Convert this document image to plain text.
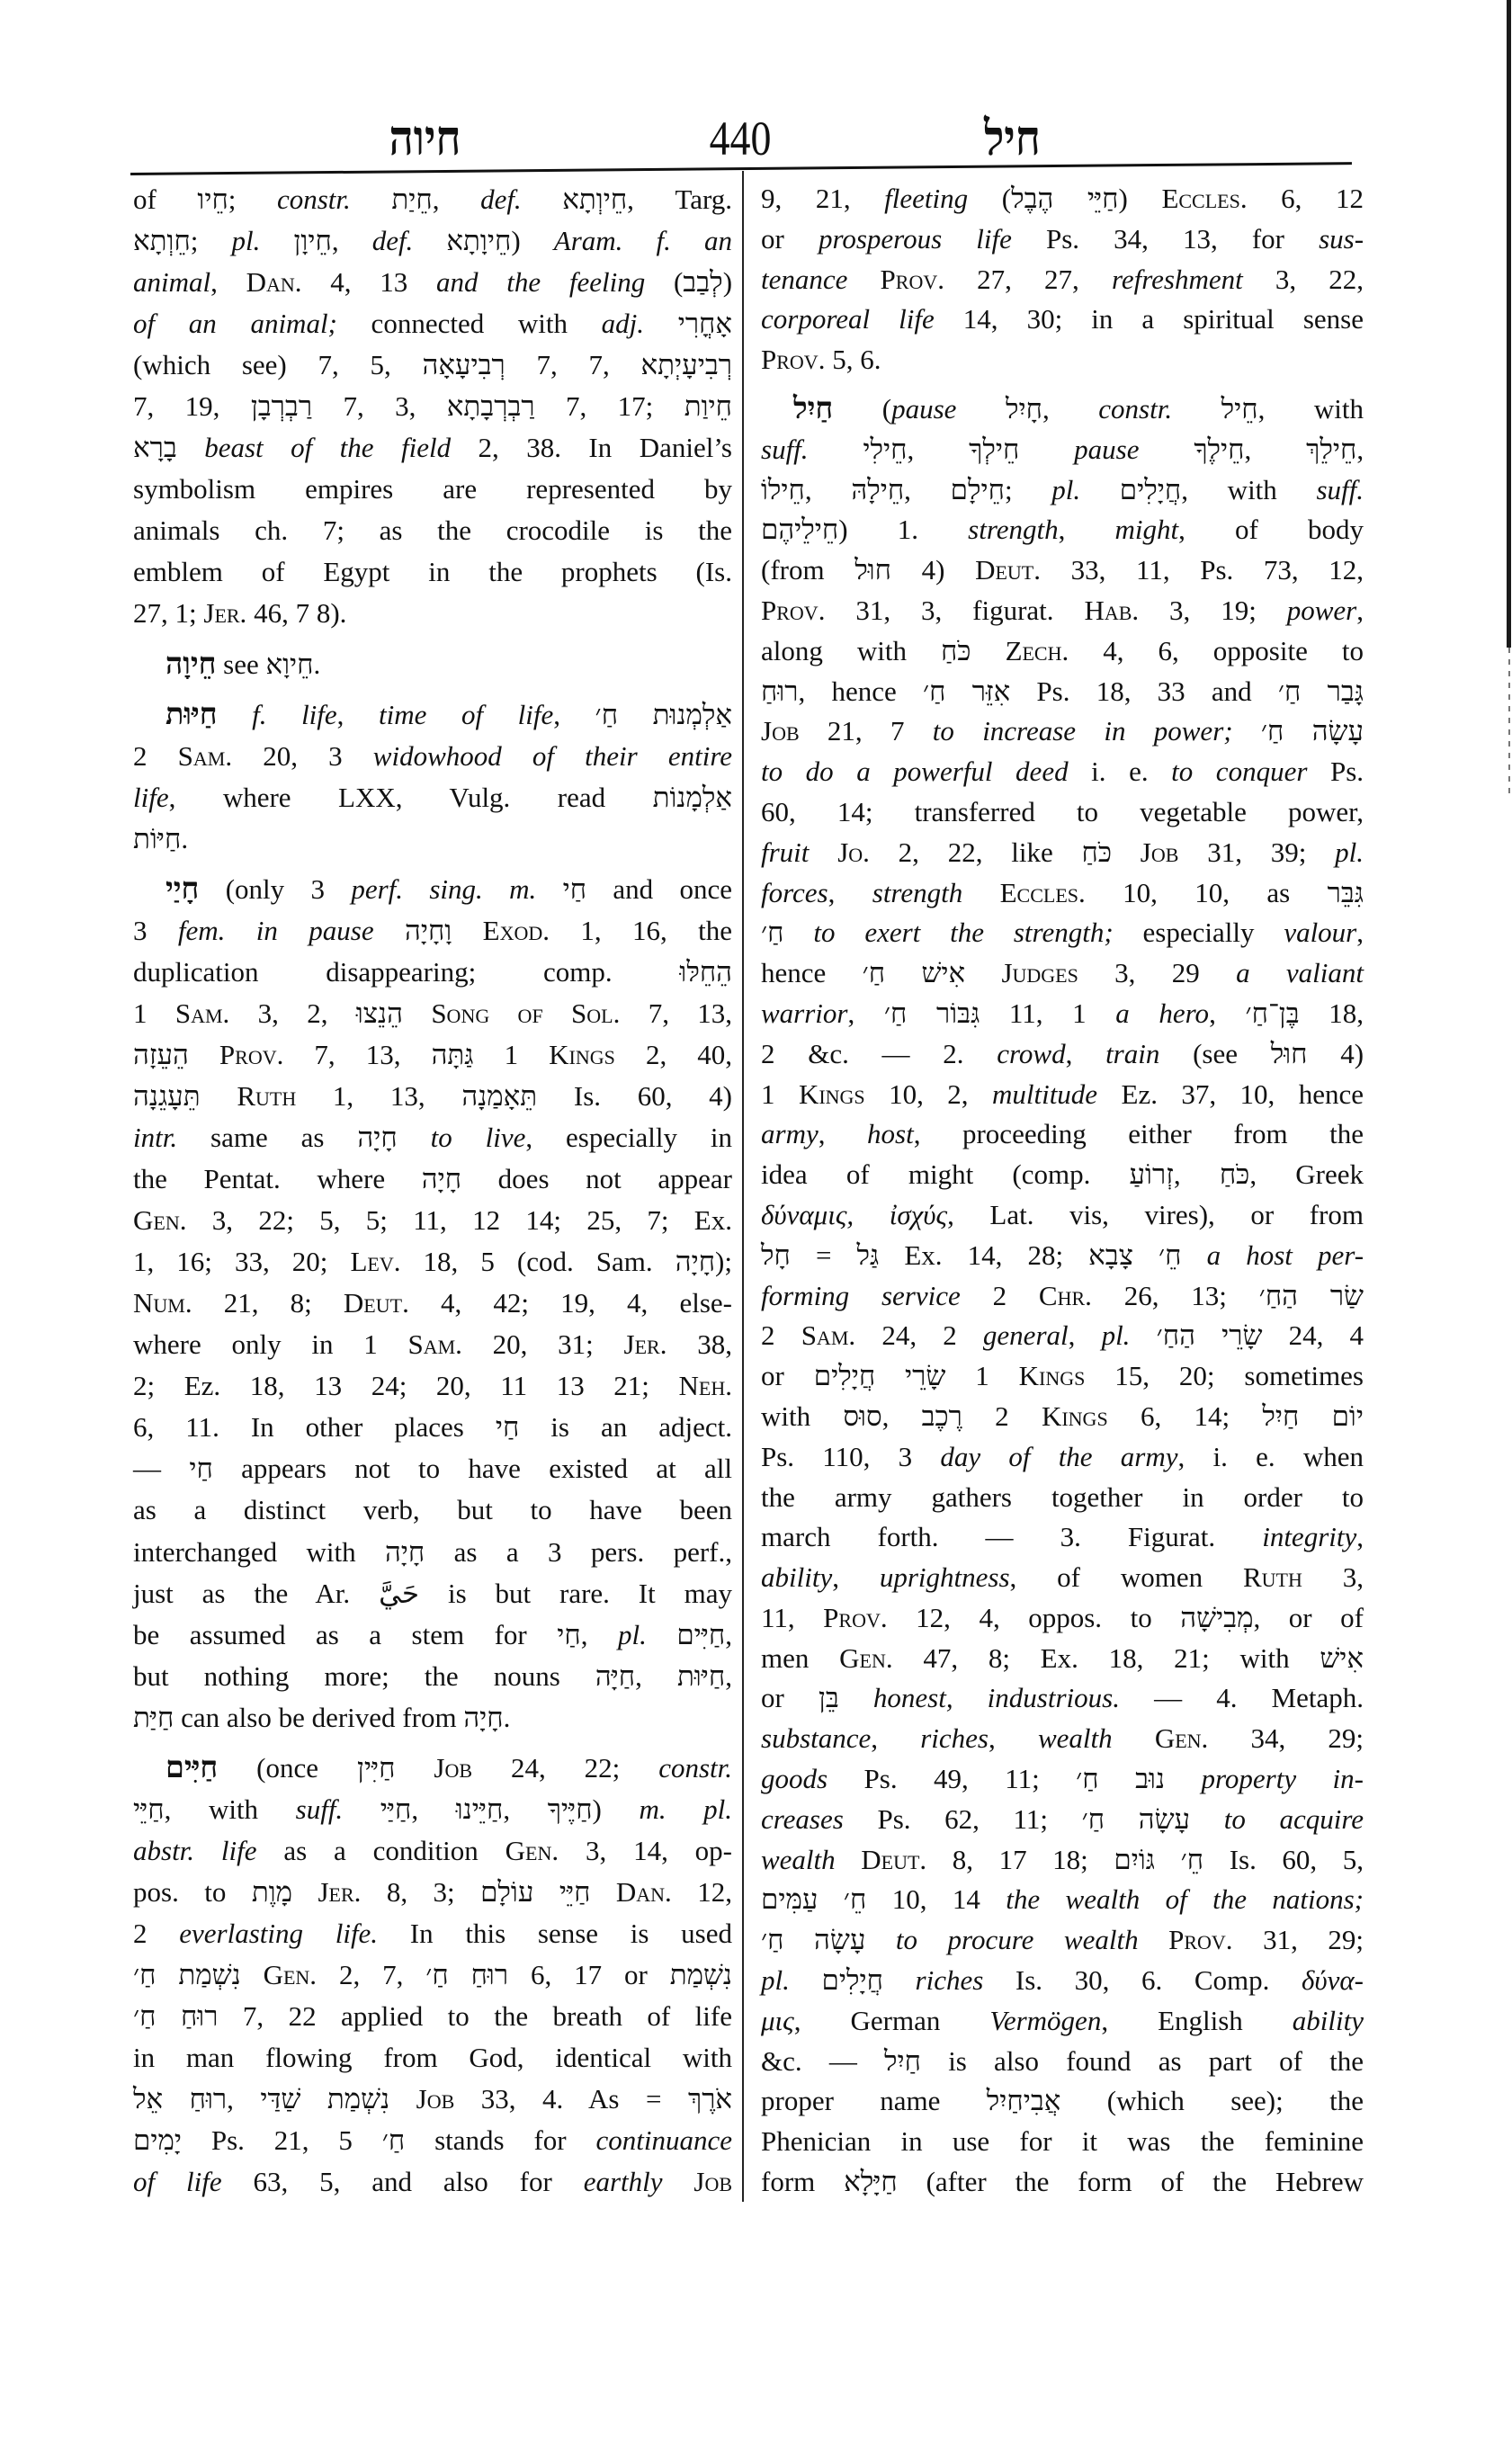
חיוה	440	חיל
of חֵיו; constr. חֵיַת, def. חֵיוְתָא, Targ.
חֵוְתָא; pl. חֵיוָן, def. חֵיוָתָא) Aram. f. an
animal, Dan. 4, 13 and the feeling (לְבַב)
of an animal; connected with adj. אָחֳרִי
(which see) 7, 5, רְבִיעָאָה 7, 7, רְבִיעָיְתָא
7, 19, רַבְרְבָן 7, 3, רַבְרְבָתָא 7, 17; חֵיוַת
בָרָא beast of the field 2, 38. In Daniel’s
symbolism empires are represented by
animals ch. 7; as the crocodile is the
emblem of Egypt in the prophets (Is.
27, 1; Jer. 46, 7 8).
חֵיוָה see חֵיוָא.
חַיּוּת f. life, time of life, אַלְמְנוּת חַ׳
2 Sam. 20, 3 widowhood of their entire
life, where LXX, Vulg. read אַלְמָנוֹת
חַיּוֹת.
חָיַי (only 3 perf. sing. m. חַי and once
3 fem. in pause וָחָיָה Exod. 1, 16, the
duplication disappearing; comp. הֵחֵלּוּ
1 Sam. 3, 2, הֵנֵצוּ Song of Sol. 7, 13,
הֵעֵזָה Prov. 7, 13, גַּתָּה 1 Kings 2, 40,
תֵּעָגֵנָה Ruth 1, 13, תֵּאָמַנָה Is. 60, 4)
intr. same as חָיָה to live, especially in
the Pentat. where חָיָה does not appear
Gen. 3, 22; 5, 5; 11, 12 14; 25, 7; Ex.
1, 16; 33, 20; Lev. 18, 5 (cod. Sam. חָיָה);
Num. 21, 8; Deut. 4, 42; 19, 4, else-
where only in 1 Sam. 20, 31; Jer. 38,
2; Ez. 18, 13 24; 20, 11 13 21; Neh.
6, 11. In other places חַי is an adject.
— חַי appears not to have existed at all
as a distinct verb, but to have been
interchanged with חָיָה as a 3 pers. perf.,
just as the Ar. حَيَّ is but rare. It may
be assumed as a stem for חַי, pl. חַיִּים,
but nothing more; the nouns חַיָּה, חַיּוּת,
חַיַּת can also be derived from חָיָה.
חַיִּים (once חַיִּין Job 24, 22; constr.
חַיֵּי, with suff. חַיַּי, חַיֵּינוּ, חַיֶּיךָ) m. pl.
abstr. life as a condition Gen. 3, 14, op-
pos. to מָוֶת Jer. 8, 3; חַיֵּי עוֹלָם Dan. 12,
2 everlasting life. In this sense is used
נִשְׁמַת חַ׳ Gen. 2, 7, רוּחַ חַ׳ 6, 17 or נִשְׁמַת
רוּחַ חַ׳ 7, 22 applied to the breath of life
in man flowing from God, identical with
רוּחַ אֵל, נִשְׁמַת שַׁדַּי Job 33, 4. As = אֹרֶךְ
יָמִים Ps. 21, 5 חַ׳ stands for continuance
of life 63, 5, and also for earthly Job
9, 21, fleeting (חַיֵּי הֶבֶל) Eccles. 6, 12
or prosperous life Ps. 34, 13, for sus-
tenance Prov. 27, 27, refreshment 3, 22,
corporeal life 14, 30; in a spiritual sense
Prov. 5, 6.
חַיִל (pause חָיִל, constr. חֵיל, with
suff. חֵילִי, חֵילְךָ pause חֵילֶךָ, חֵילֵךְ,
חֵילוֹ, חֵילָהּ, חֵילָם; pl. חֲיָלִים, with suff.
חֵילֵיהֶם) 1. strength, might, of body
(from חוּל 4) Deut. 33, 11, Ps. 73, 12,
Prov. 31, 3, figurat. Hab. 3, 19; power,
along with כֹּחַ Zech. 4, 6, opposite to
רוּחַ, hence אִזֵּר חַ׳ Ps. 18, 33 and גָּבַר חַ׳
Job 21, 7 to increase in power; עָשָׂה חַ׳
to do a powerful deed i. e. to conquer Ps.
60, 14; transferred to vegetable power,
fruit Jo. 2, 22, like כֹּחַ Job 31, 39; pl.
forces, strength Eccles. 10, 10, as גִּבֵּר
חַ׳ to exert the strength; especially valour,
hence אִישׁ חַ׳ Judges 3, 29 a valiant
warrior, גִּבּוֹר חַ׳ 11, 1 a hero, בֶּן־חַ׳ 18,
2 &c. — 2. crowd, train (see חוּל 4)
1 Kings 10, 2, multitude Ez. 37, 10, hence
army, host, proceeding either from the
idea of might (comp. זְרוֹעַ, כֹּחַ, Greek
δύναμις, ἰσχύς, Lat. vis, vires), or from
חָל = גַּל Ex. 14, 28; חֵ׳ צָבָא a host per-
forming service 2 Chr. 26, 13; שַׂר הַחַ׳
2 Sam. 24, 2 general, pl. שָׂרֵי הַחַ׳ 24, 4
or שָׂרֵי חֲיָלִים 1 Kings 15, 20; sometimes
with סוּס, רֶכֶב 2 Kings 6, 14; יוֹם חַיִל
Ps. 110, 3 day of the army, i. e. when
the army gathers together in order to
march forth. — 3. Figurat. integrity,
ability, uprightness, of women Ruth 3,
11, Prov. 12, 4, oppos. to מְבִישָׁה, or of
men Gen. 47, 8; Ex. 18, 21; with אִישׁ
or בֵּן honest, industrious. — 4. Metaph.
substance, riches, wealth Gen. 34, 29;
goods Ps. 49, 11; נוּב חַ׳ property in-
creases Ps. 62, 11; עָשָׂה חַ׳ to acquire
wealth Deut. 8, 17 18; חֵ׳ גּוֹיִם Is. 60, 5,
חֵ׳ עַמִּים 10, 14 the wealth of the nations;
עָשָׂה חַ׳ to procure wealth Prov. 31, 29;
pl. חֲיָלִים riches Is. 30, 6. Comp. δύνα-
μις, German Vermögen, English ability
&c. — חַיִל is also found as part of the
proper name אֲבִיחַיִל (which see); the
Phenician in use for it was the feminine
form חַיָּלָא (after the form of the Hebrew
